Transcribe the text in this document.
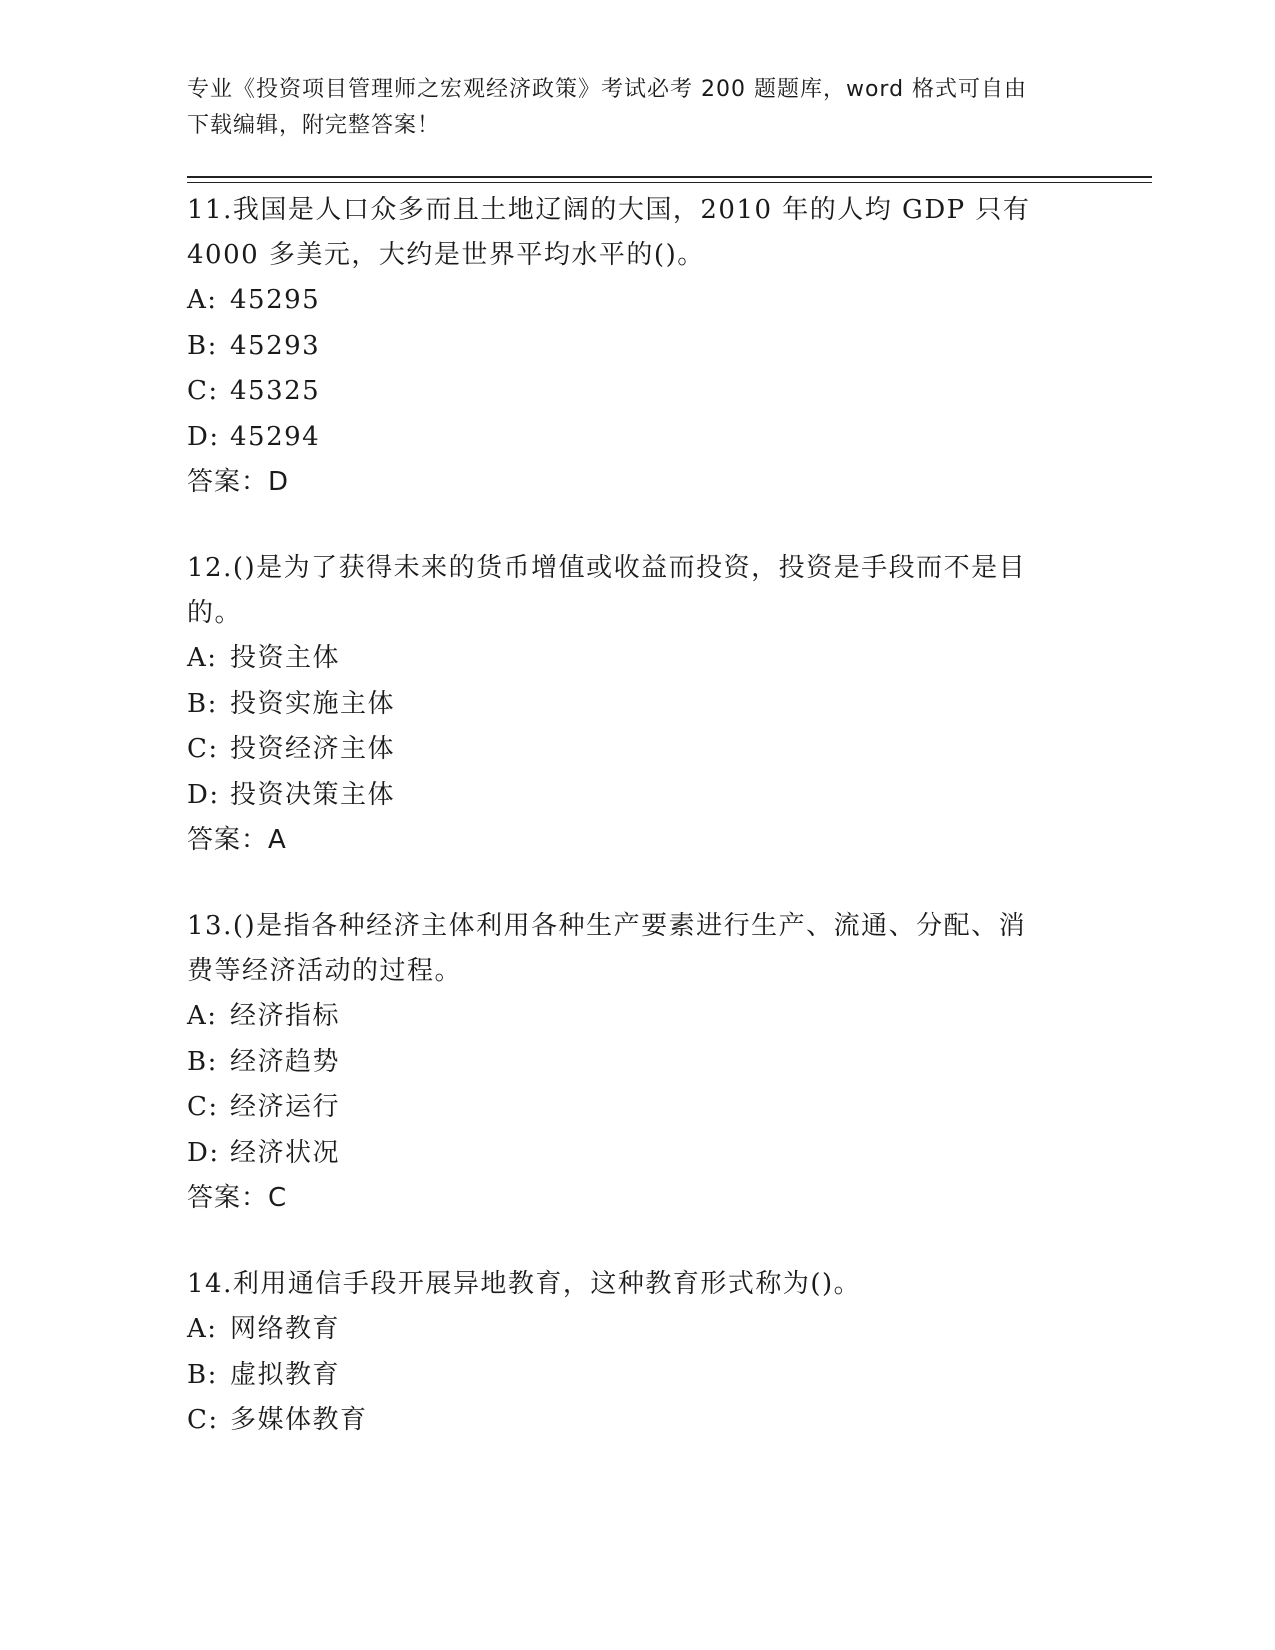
专业《投资项目管理师之宏观经济政策》考试必考 200 题题库，word 格式可自由
下载编辑，附完整答案！
11.我国是人口众多而且土地辽阔的大国，2010 年的人均 GDP 只有
4000 多美元，大约是世界平均水平的()。
A: 45295
B: 45293
C: 45325
D: 45294
答案：D
12.()是为了获得未来的货币增值或收益而投资，投资是手段而不是目
的。
A: 投资主体
B: 投资实施主体
C: 投资经济主体
D: 投资决策主体
答案：A
13.()是指各种经济主体利用各种生产要素进行生产、流通、分配、消
费等经济活动的过程。
A: 经济指标
B: 经济趋势
C: 经济运行
D: 经济状况
答案：C
14.利用通信手段开展异地教育，这种教育形式称为()。
A: 网络教育
B: 虚拟教育
C: 多媒体教育
